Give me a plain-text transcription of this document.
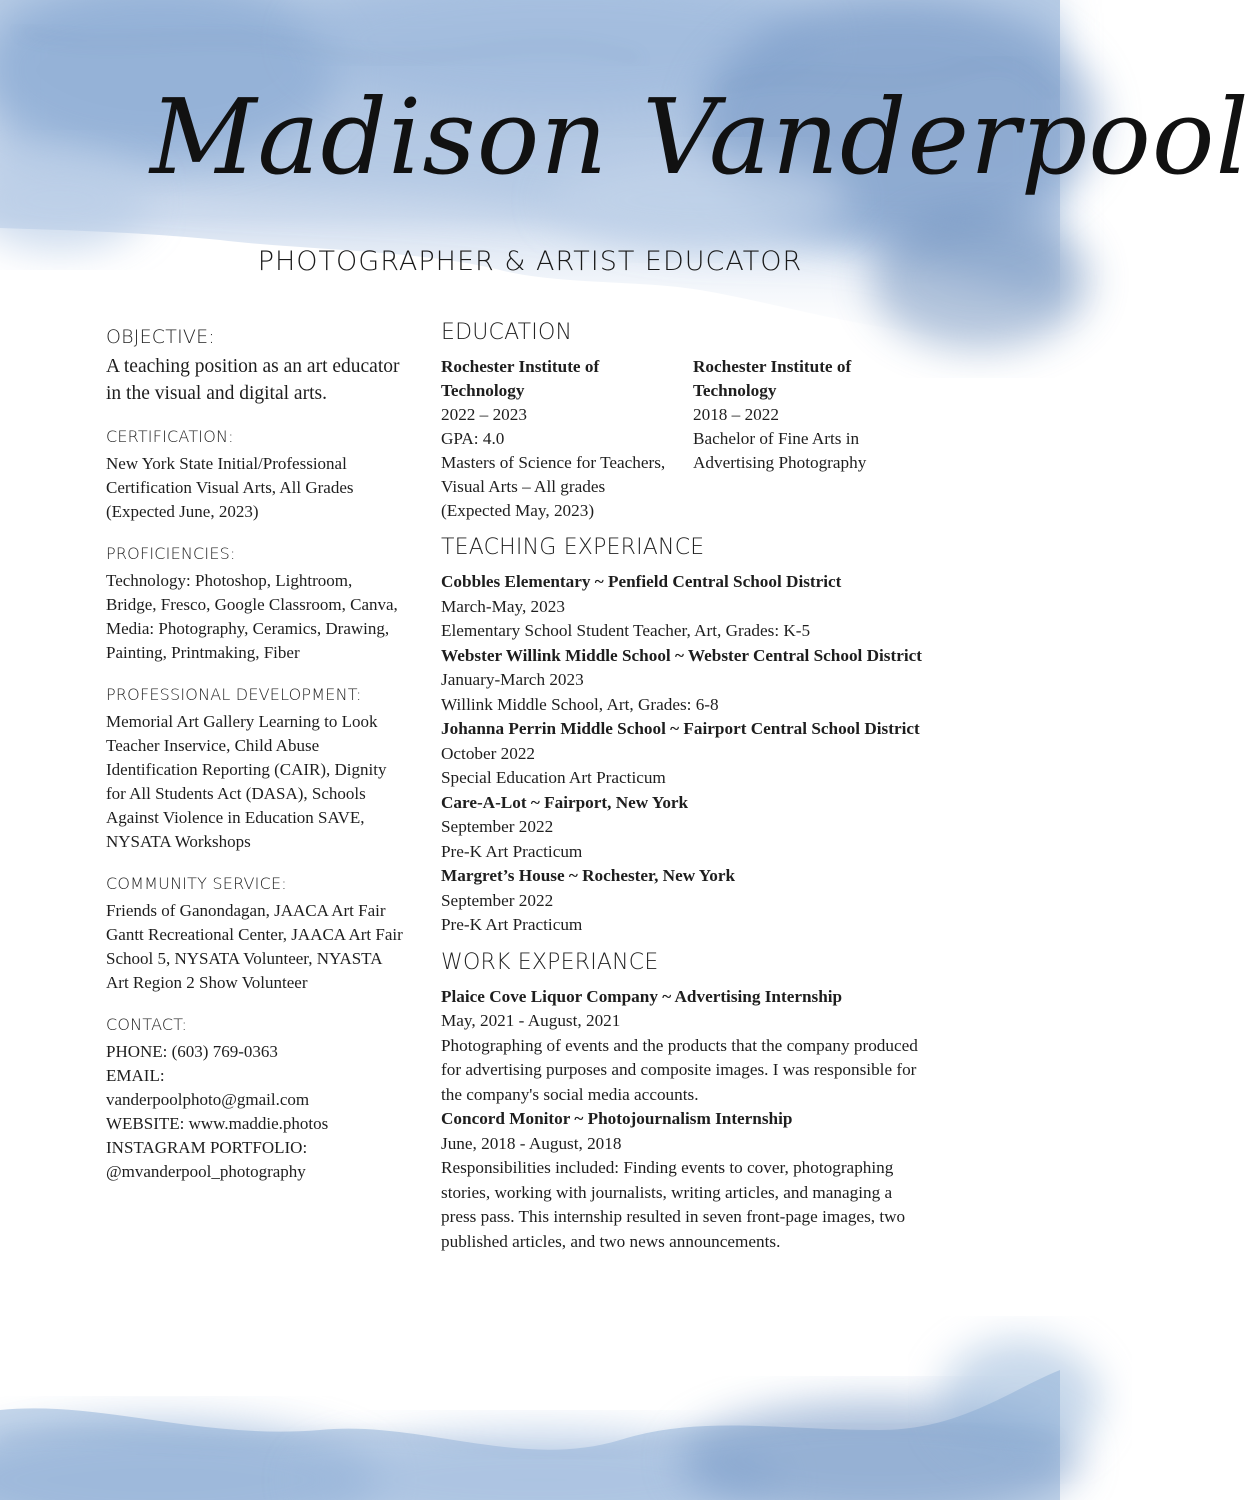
Madison Vanderpool
PHOTOGRAPHER & ARTIST EDUCATOR
OBJECTIVE:
A teaching position as an art educator in the visual and digital arts.
CERTIFICATION:
New York State Initial/Professional Certification Visual Arts, All Grades (Expected June, 2023)
PROFICIENCIES:
Technology: Photoshop, Lightroom, Bridge, Fresco, Google Classroom, Canva,
Media: Photography, Ceramics, Drawing, Painting, Printmaking, Fiber
PROFESSIONAL DEVELOPMENT:
Memorial Art Gallery Learning to Look Teacher Inservice, Child Abuse Identification Reporting (CAIR), Dignity for All Students Act (DASA), Schools Against Violence in Education SAVE, NYSATA Workshops
COMMUNITY SERVICE:
Friends of Ganondagan, JAACA Art Fair Gantt Recreational Center, JAACA Art Fair School 5, NYSATA Volunteer, NYASTA Art Region 2 Show Volunteer
CONTACT:
PHONE: (603) 769-0363
EMAIL:
vanderpoolphoto@gmail.com
WEBSITE: www.maddie.photos
INSTAGRAM PORTFOLIO:
@mvanderpool_photography
EDUCATION
Rochester Institute of Technology
2022 – 2023
GPA: 4.0
Masters of Science for Teachers, Visual Arts – All grades (Expected May, 2023)
Rochester Institute of Technology
2018 – 2022
Bachelor of Fine Arts in Advertising Photography
TEACHING EXPERIANCE
Cobbles Elementary ~ Penfield Central School District
March-May, 2023
Elementary School Student Teacher, Art, Grades: K-5
Webster Willink Middle School ~ Webster Central School District
January-March 2023
Willink Middle School, Art, Grades: 6-8
Johanna Perrin Middle School ~ Fairport Central School District
October 2022
Special Education Art Practicum
Care-A-Lot ~ Fairport, New York
September 2022
Pre-K Art Practicum
Margret’s House ~ Rochester, New York
September 2022
Pre-K Art Practicum
WORK EXPERIANCE
Plaice Cove Liquor Company ~ Advertising Internship
May, 2021 - August, 2021
Photographing of events and the products that the company produced for advertising purposes and composite images. I was responsible for the company's social media accounts.
Concord Monitor ~ Photojournalism Internship
June, 2018 - August, 2018
Responsibilities included: Finding events to cover, photographing stories, working with journalists, writing articles, and managing a press pass. This internship resulted in seven front-page images, two published articles, and two news announcements.
